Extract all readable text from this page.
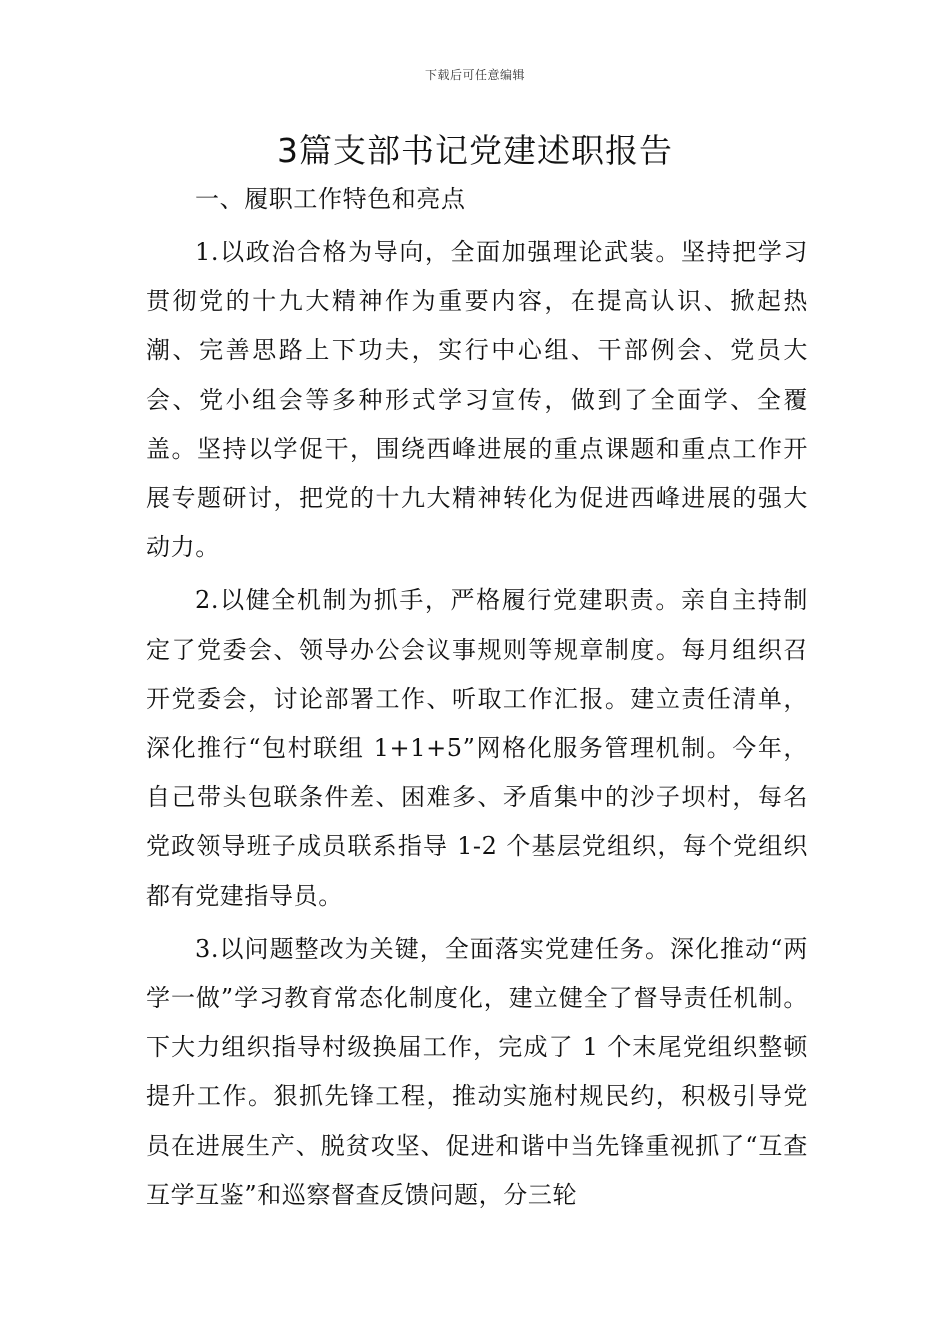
下载后可任意编辑
3篇支部书记党建述职报告

一、履职工作特色和亮点

1.以政治合格为导向，全面加强理论武装。坚持把学习贯彻党的十九大精神作为重要内容，在提高认识、掀起热潮、完善思路上下功夫，实行中心组、干部例会、党员大会、党小组会等多种形式学习宣传，做到了全面学、全覆盖。坚持以学促干，围绕西峰进展的重点课题和重点工作开展专题研讨，把党的十九大精神转化为促进西峰进展的强大动力。

2.以健全机制为抓手，严格履行党建职责。亲自主持制定了党委会、领导办公会议事规则等规章制度。每月组织召开党委会，讨论部署工作、听取工作汇报。建立责任清单，深化推行“包村联组 1+1+5”网格化服务管理机制。今年，自己带头包联条件差、困难多、矛盾集中的沙子坝村，每名党政领导班子成员联系指导 1-2 个基层党组织，每个党组织都有党建指导员。

3.以问题整改为关键，全面落实党建任务。深化推动“两学一做”学习教育常态化制度化，建立健全了督导责任机制。下大力组织指导村级换届工作，完成了 1 个末尾党组织整顿提升工作。狠抓先锋工程，推动实施村规民约，积极引导党员在进展生产、脱贫攻坚、促进和谐中当先锋重视抓了“互查互学互鉴”和巡察督查反馈问题，分三轮
